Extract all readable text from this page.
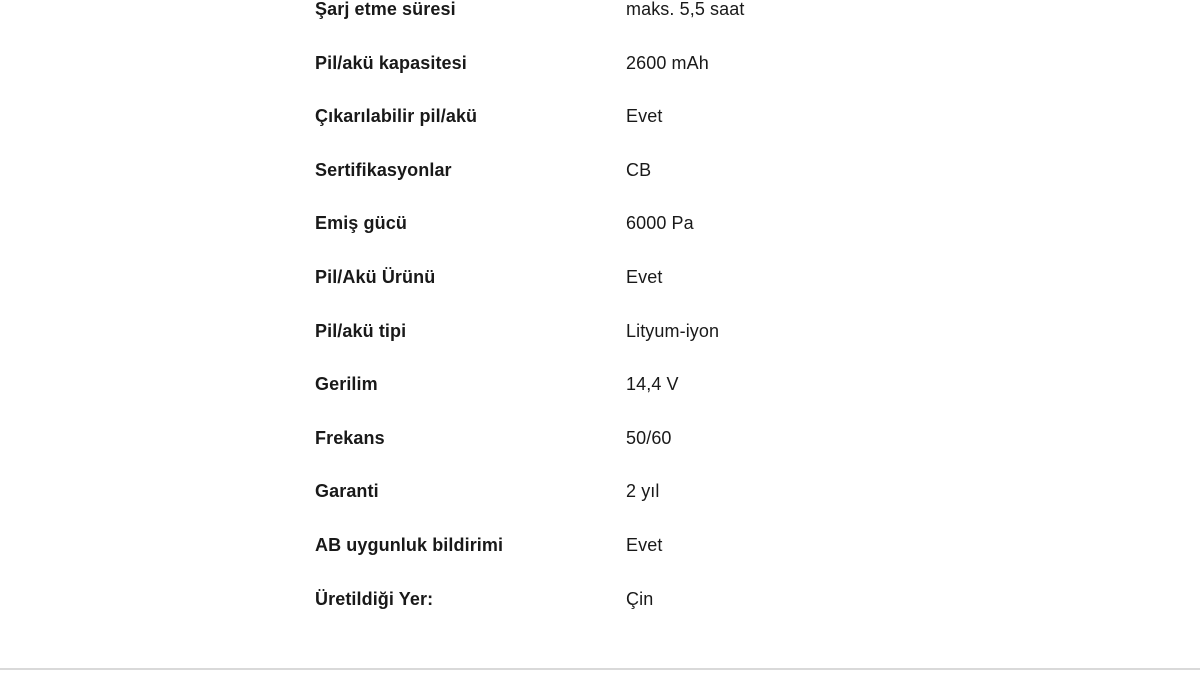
Şarj etme süresi	maks. 5,5 saat
Pil/akü kapasitesi	2600 mAh
Çıkarılabilir pil/akü	Evet
Sertifikasyonlar	CB
Emiş gücü	6000 Pa
Pil/Akü Ürünü	Evet
Pil/akü tipi	Lityum-iyon
Gerilim	14,4 V
Frekans	50/60
Garanti	2 yıl
AB uygunluk bildirimi	Evet
Üretildiği Yer:	Çin
